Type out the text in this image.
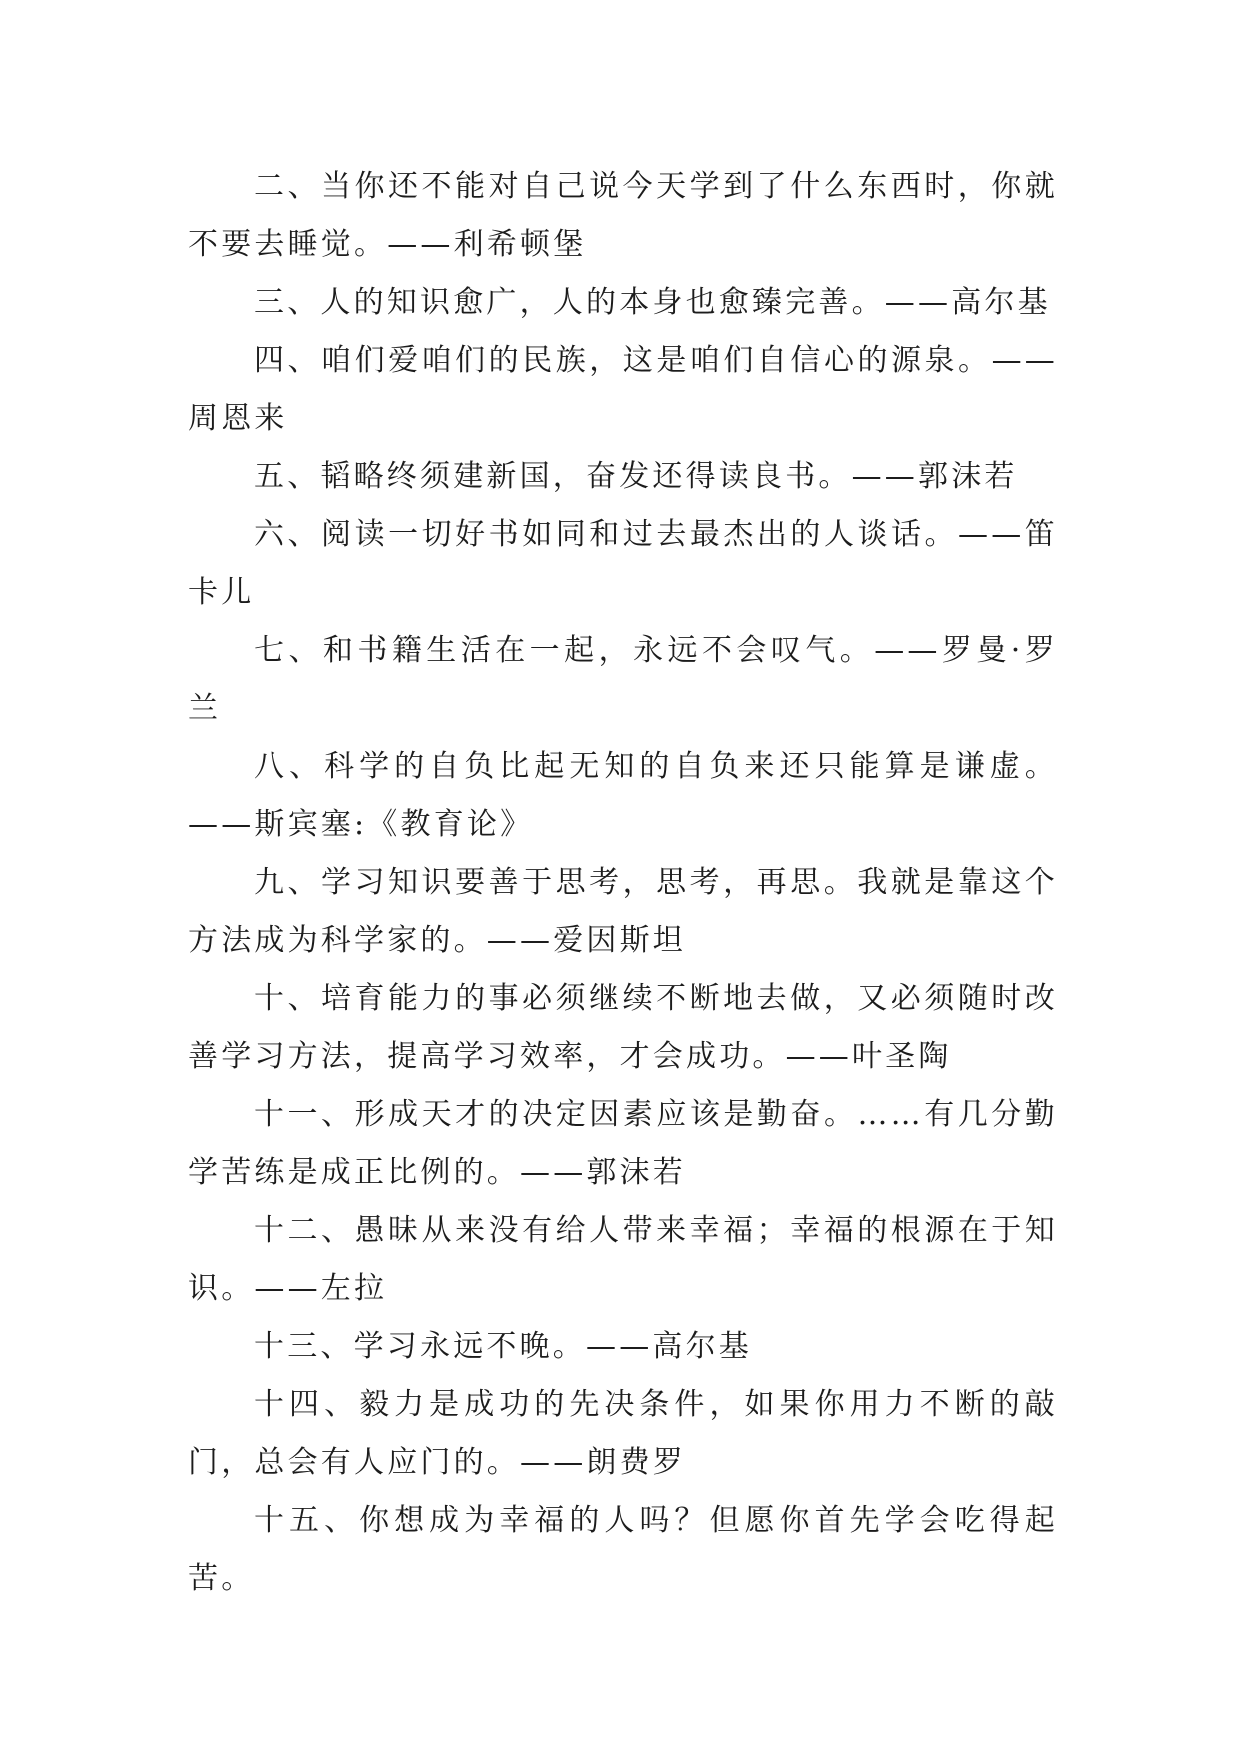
二、当你还不能对自己说今天学到了什么东西时，你就不要去睡觉。——利希顿堡

三、人的知识愈广，人的本身也愈臻完善。——高尔基

四、咱们爱咱们的民族，这是咱们自信心的源泉。——周恩来

五、韬略终须建新国，奋发还得读良书。——郭沫若

六、阅读一切好书如同和过去最杰出的人谈话。——笛卡儿

七、和书籍生活在一起，永远不会叹气。——罗曼·罗兰

八、科学的自负比起无知的自负来还只能算是谦虚。——斯宾塞:《教育论》

九、学习知识要善于思考，思考，再思。我就是靠这个方法成为科学家的。——爱因斯坦

十、培育能力的事必须继续不断地去做，又必须随时改善学习方法，提高学习效率，才会成功。——叶圣陶

十一、形成天才的决定因素应该是勤奋。……有几分勤学苦练是成正比例的。——郭沫若

十二、愚昧从来没有给人带来幸福；幸福的根源在于知识。——左拉

十三、学习永远不晚。——高尔基

十四、毅力是成功的先决条件，如果你用力不断的敲门，总会有人应门的。——朗费罗

十五、你想成为幸福的人吗？但愿你首先学会吃得起苦。
